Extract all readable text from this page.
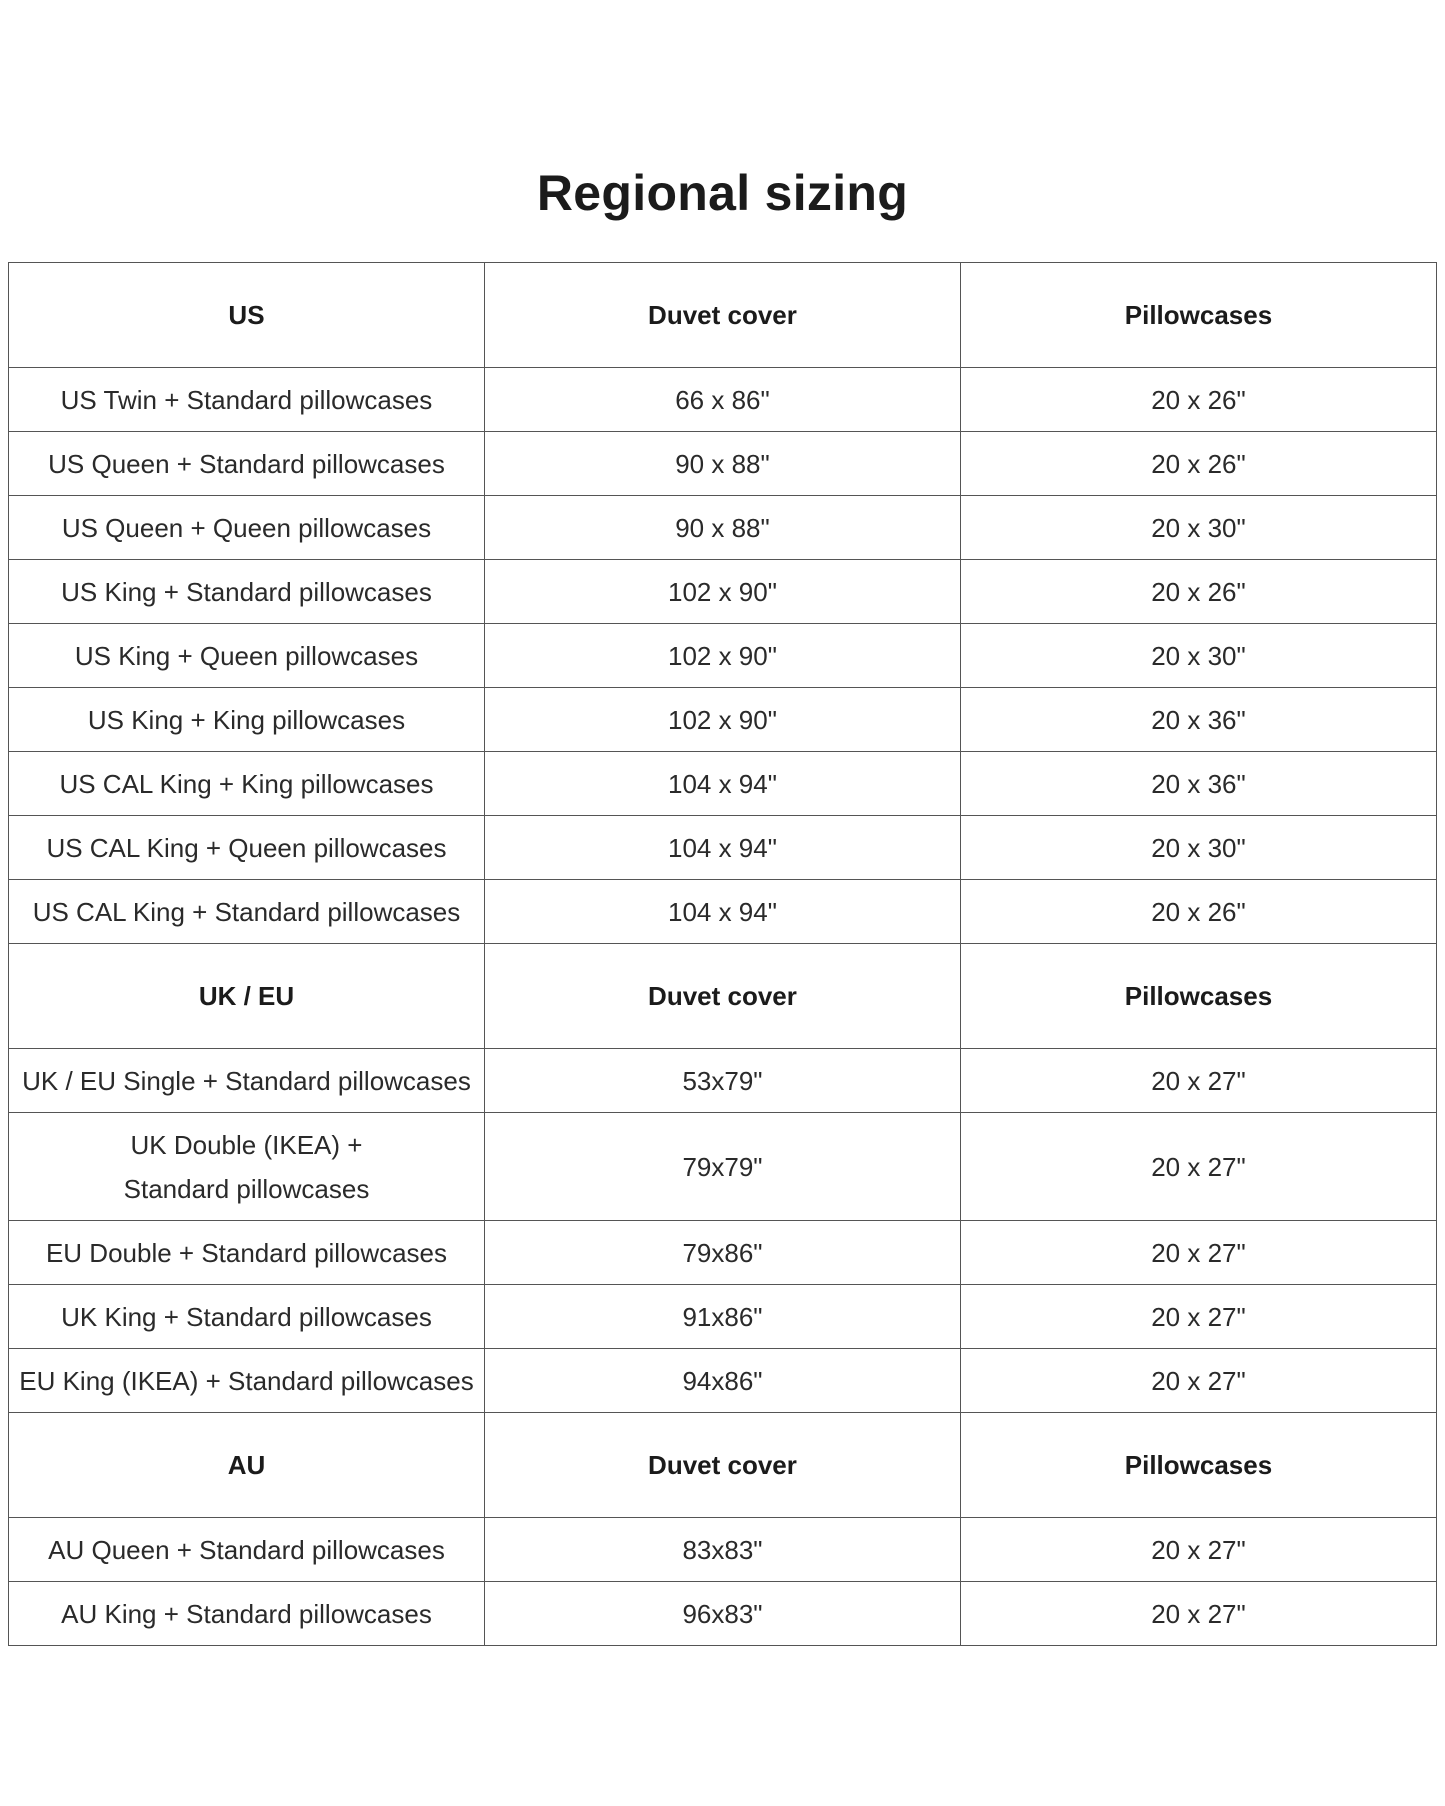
Regional sizing
US	Duvet cover	Pillowcases
US Twin + Standard pillowcases	66 x 86"	20 x 26"
US Queen + Standard pillowcases	90 x 88"	20 x 26"
US Queen + Queen pillowcases	90 x 88"	20 x 30"
US King + Standard pillowcases	102 x 90"	20 x 26"
US King + Queen pillowcases	102 x 90"	20 x 30"
US King + King pillowcases	102 x 90"	20 x 36"
US CAL King + King pillowcases	104 x 94"	20 x 36"
US CAL King + Queen pillowcases	104 x 94"	20 x 30"
US CAL King + Standard pillowcases	104 x 94"	20 x 26"
UK / EU	Duvet cover	Pillowcases
UK / EU Single + Standard pillowcases	53x79"	20 x 27"
UK Double (IKEA) + Standard pillowcases	79x79"	20 x 27"
EU Double + Standard pillowcases	79x86"	20 x 27"
UK King + Standard pillowcases	91x86"	20 x 27"
EU King (IKEA) + Standard pillowcases	94x86"	20 x 27"
AU	Duvet cover	Pillowcases
AU Queen + Standard pillowcases	83x83"	20 x 27"
AU King + Standard pillowcases	96x83"	20 x 27"
